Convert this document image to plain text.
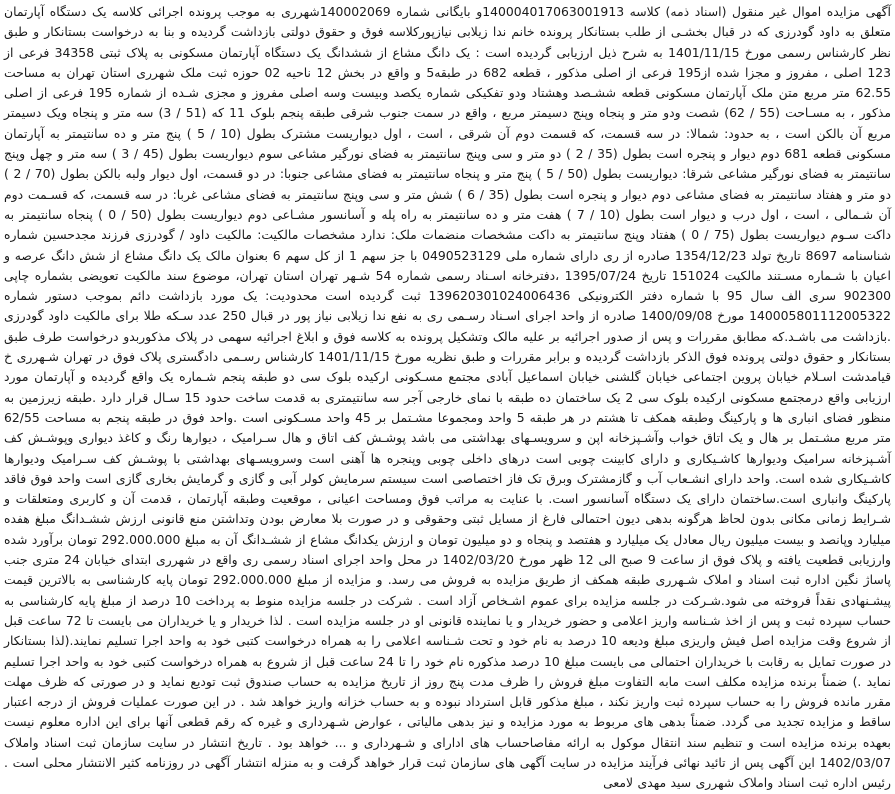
آگهی مزایده اموال غیر منقول (اسناد ذمه) کلاسه 140004017063001913و بایگانی شماره 140002069شهرری به موجب پرونده اجرائی کلاسه یک دستگاه آپارتمان متعلق به داود گودرزی که در قبال بخشـی از طلب بستانکار پرونده خانم ندا زیلابی نیازپورکلاسه فوق و حقوق دولتی بازداشت گردیده و بنا به درخواست بستانکار و طبق نظر کارشناس رسمی مورخ 1401/11/15 به شرح ذیل ارزیابی گردیده است : یک دانگ مشاع از ششدانگ یک دستگاه آپارتمان مسکونی به پلاک ثبتی 34358 فرعی از 123 اصلی ، مفروز و مجزا شده از195 فرعی از اصلی مذکور ، قطعه 682 در طبقه5 و واقع در بخش 12 ناحیه 02 حوزه ثبت ملک شهرری استان تهران به مساحت 62.55 متر مربع متن ملک آپارتمان مسکونی قطعه ششـصد وهشتاد ودو تفکیکی شماره یکصد وبیست وسه اصلی مفروز و مجزی شـده از شماره 195 فرعی از اصلی مذکور ، به مسـاحت (55 / 62) شصت ودو متر و پنجاه وپنج دسیمتر مربع ، واقع در سمت جنوب شرقی طبقه پنجم بلوک 11 که (51 / 3) سه متر و پنجاه ویک دسیمتر مربع آن بالکن است ، به حدود: شمالا: در سه قسمت، که قسمت دوم آن شرقی ، است ، اول دیواریست مشترک بطول (10 / 5 ) پنج متر و ده سانتیمتر به آپارتمان مسکونی قطعه 681 دوم دیوار و پنجره است بطول (35 / 2 ) دو متر و سی وپنج سانتیمتر به فضای نورگیر مشاعی سوم دیواریست بطول (45 / 3 ) سه متر و چهل وپنج سانتیمتر به فضای نورگیر مشاعی شرقا: دیواریست بطول (50 / 5 ) پنج متر و پنجاه سانتیمتر به فضای مشاعی جنوبا: در دو قسمت، اول دیوار ولبه بالکن بطول (70 / 2 ) دو متر و هفتاد سانتیمتر به فضای مشاعی دوم دیوار و پنجره است بطول (35 / 6 ) شش متر و سی وپنج سانتیمتر به فضای مشاعی غربا: در سه قسمت، که قسـمت دوم آن شـمالی ، است ، اول درب و دیوار است بطول (10 / 7 ) هفت متر و ده سانتیمتر به راه پله و آسانسور مشـاعی دوم دیواریست بطول (50 / 0 ) پنجاه سانتیمتر به داکت سـوم دیواریست بطول (75 / 0 ) هفتاد وپنج سانتیمتر به داکت مشخصات منضمات ملک: ندارد مشخصات مالکیت: مالکیت داود / گودرزی فرزند مجدحسین شماره شناسنامه 8697 تاریخ تولد 1354/12/23 صادره از ری دارای شماره ملی 0490523129 با جز سهم 1 از کل سهم 6 بعنوان مالک یک دانگ مشاع از شش دانگ عرصه و اعیان با شـماره مسـتند مالکیت 151024 تاریخ 1395/07/24 ،دفترخانه اسـناد رسمی شماره 54 شـهر تهران استان تهران، موضوع سند مالکیت تعویضی بشماره چاپی 902300 سری الف سال 95 با شماره دفتر الکترونیکی 139620301024006436 ثبت گردیده است محدودیت: یک مورد بازداشت دائم بموجب دستور شماره 140005801112005322 مورخ 1400/09/08 صادره از واحد اجرای اسـناد رسـمی ری به نفع ندا زیلابی نیاز پور در قبال 250 عدد سـکه طلا برای مالکیت داود گودرزی .بازداشت می باشـد.که مطابق مقررات و پس از صدور اجرائیه بر علیه مالک وتشکیل پرونده به کلاسه فوق و ابلاغ اجرائیه سهمی در پلاک مذکوربدو درخواست طرف طبق بستانکار و حقوق دولتی پرونده فوق الذکر بازداشت گردیده و برابر مقررات و طبق نظریه مورخ 1401/11/15 کارشناس رسـمی دادگستری پلاک فوق در تهران شـهرری خ قیامدشت اسـلام خیابان پروین اجتماعی خیابان گلشنی خیابان اسماعیل آبادی مجتمع مسـکونی ارکیده بلوک سی دو طبقه پنجم شـماره یک واقع گردیده و آپارتمان مورد ارزیابی واقع درمجتمع مسکونی ارکیده بلوک سی 2 یک ساختمان ده طبقه با نمای خارجی آجر سه سانتیمتری به قدمت ساخت حدود 15 سـال قرار دارد .طبقه زیرزمین به منظور فضای انباری ها و پارکینگ وطبقه همکف تا هشتم در هر طبقه 5 واحد ومجموعا مشـتمل بر 45 واحد مسـکونی است .واحد فوق در طبقه پنجم به مساحت 62/55 متر مربع مشـتمل بر هال و یک اتاق خواب وآشـپزخانه اپن و سرویسـهای بهداشتی می باشد پوشـش کف اتاق و هال سـرامیک ، دیوارها رنگ و کاغذ دیواری وپوشـش کف آشـپزخانه سرامیک ودیوارها کاشـیکاری و دارای کابینت چوبی است درهای داخلی چوبی وپنجره ها آهنی است وسرویسـهای بهداشتی با پوشـش کف سـرامیک ودیوارها کاشـیکاری شده است. واحد دارای انشـعاب آب و گازمشترک وبرق تک فاز اختصاصی است سیستم سرمایش کولر آبی و گازی و گرمایش بخاری گازی است واحد فوق فاقد پارکینگ وانباری است.ساختمان دارای یک دستگاه آسانسور است. با عنایت به مراتب فوق ومساحت اعیانی ، موقعیت وطبقه آپارتمان ، قدمت آن و کاربری ومتعلقات و شـرایط زمانی مکانی بدون لحاظ هرگونه بدهی دیون احتمالی فارغ از مسایل ثبتی وحقوقی و در صورت بلا معارض بودن وتداشتن منع قانونی ارزش ششـدانگ مبلغ هفده میلیارد وپانصد و بیست میلیون ریال معادل یک میلیارد و هفتصد و پنجاه و دو میلیون تومان و ارزش یکدانگ مشاع از ششـدانگ آن به مبلغ 292.000.000 تومان برآورد شده وارزیابی قطعیت یافته و پلاک فوق از ساعت 9 صبح الی 12 ظهر مورخ 1402/03/20 در محل واحد اجرای اسناد رسمی ری واقع در شهرری ابتدای خیابان 24 متری جنب پاساژ نگین اداره ثبت اسناد و املاک شـهرری طبقه همکف از طریق مزایده به فروش می رسد. و مزایده از مبلغ 292.000.000 تومان پایه کارشناسی به بالاترین قیمت پیشـنهادی نقداً فروخته می شود.شـرکت در جلسه مزایده برای عموم اشـخاص آزاد است . شرکت در جلسه مزایده منوط به پرداخت 10 درصد از مبلغ پایه کارشناسی به حساب سپرده ثبت و پس از اخذ شـناسه واریز اعلامی و حضور خریدار و یا نماینده قانونی او در جلسه مزایده است . لذا خریدار و یا خریداران می بایست تا 72 ساعت قبل از شروع وقت مزایده اصل فیش واریزی مبلغ ودیعه 10 درصد به نام خود و تحت شـناسه اعلامی را به همراه درخواست کتبی خود به واحد اجرا تسلیم نمایند.(لذا بستانکار در صورت تمایل به رقابت با خریداران احتمالی می بایست مبلغ 10 درصد مذکوره نام خود را تا 24 ساعت قبل از شروع به همراه درخواست کتبی خود به واحد اجرا تسلیم نماید .) ضمناً برنده مزایده مکلف است مابه التفاوت مبلغ فروش را ظرف مدت پنج روز از تاریخ مزایده به حساب صندوق ثبت تودیع نماید و در صورتی که ظرف مهلت مقرر مانده فروش را به حساب سپرده ثبت واریز نکند ، مبلغ مذکور قابل استرداد نبوده و به حساب خزانه واریز خواهد شد . در این صورت عملیات فروش از درجه اعتبار ساقط و مزایده تجدید می گردد. ضمناً بدهی های مربوط به مورد مزایده و نیز بدهی مالیاتی ، عوارض شـهرداری و غیره که رقم قطعی آنها برای این اداره معلوم نیست بعهده برنده مزایده است و تنظیم سند انتقال موکول به ارائه مفاصاحساب های ادارای و شـهرداری و ... خواهد بود . تاریخ انتشار در سایت سازمان ثبت اسناد واملاک 1402/03/07 این آگهی پس از تائید نهائی فرآیند مزایده در سایت آگهی های سازمان ثبت قرار خواهد گرفت و به منزله انتشار آگهی در روزنامه کثیر الانتشار محلی است . رئیس اداره ثبت اسناد واملاک شهرری سید مهدی لامعی
